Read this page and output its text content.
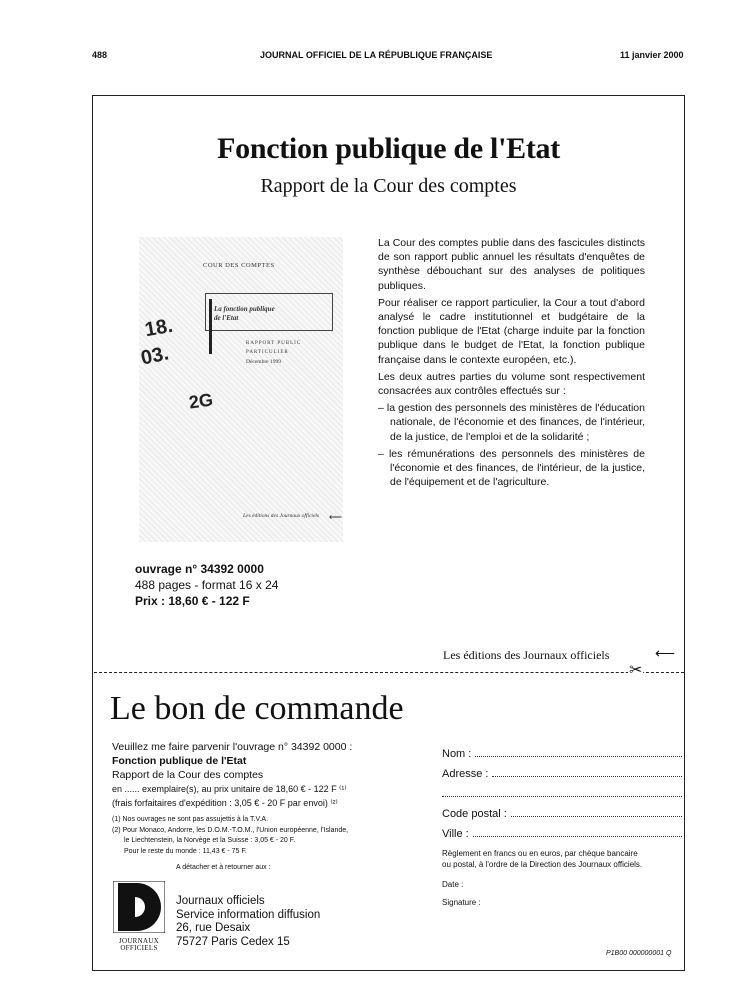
488	JOURNAL OFFICIEL DE LA RÉPUBLIQUE FRANÇAISE	11 janvier 2000
Fonction publique de l'Etat
Rapport de la Cour des comptes
COUR DES COMPTES
La fonction publique
de l'Etat
RAPPORT PUBLIC
PARTICULIER
Décembre 1999
18.
03.
2G
Les éditions des Journaux officiels ⟵

La Cour des comptes publie dans des fascicules distincts de son rapport public annuel les résultats d'enquêtes de synthèse débouchant sur des analyses de politiques publiques.

Pour réaliser ce rapport particulier, la Cour a tout d'abord analysé le cadre institutionnel et budgétaire de la fonction publique de l'Etat (charge induite par la fonction publique dans le budget de l'Etat, la fonction publique française dans le contexte européen, etc.).

Les deux autres parties du volume sont respectivement consacrées aux contrôles effectués sur :

– la gestion des personnels des ministères de l'éducation nationale, de l'économie et des finances, de l'intérieur, de la justice, de l'emploi et de la solidarité ;

– les rémunérations des personnels des ministères de l'économie et des finances, de l'intérieur, de la justice, de l'équipement et de l'agriculture.

ouvrage n° 34392 0000
488 pages - format 16 x 24
Prix : 18,60 € - 122 F
Les éditions des Journaux officiels	⟵
✂
Le bon de commande
Veuillez me faire parvenir l'ouvrage n° 34392 0000 :
Fonction publique de l'Etat
Rapport de la Cour des comptes
en ...... exemplaire(s), au prix unitaire de 18,60 € - 122 F ⁽¹⁾
(frais forfaitaires d'expédition : 3,05 € - 20 F par envoi) ⁽²⁾
(1) Nos ouvrages ne sont pas assujettis à la T.V.A.
(2) Pour Monaco, Andorre, les D.O.M.-T.O.M., l'Union européenne, l'Islande,
le Liechtenstein, la Norvège et la Suisse : 3,05 € - 20 F.
Pour le reste du monde : 11,43 € - 75 F.
A détacher et à retourner aux :
Nom :
Adresse :
Code postal :
Ville :
Règlement en francs ou en euros, par chèque bancaire
ou postal, à l'ordre de la Direction des Journaux officiels.
Date :
Signature :
JOURNAUX
OFFICIELS
Journaux officiels
Service information diffusion
26, rue Desaix
75727 Paris Cedex 15
P1B00 000000001 Q
